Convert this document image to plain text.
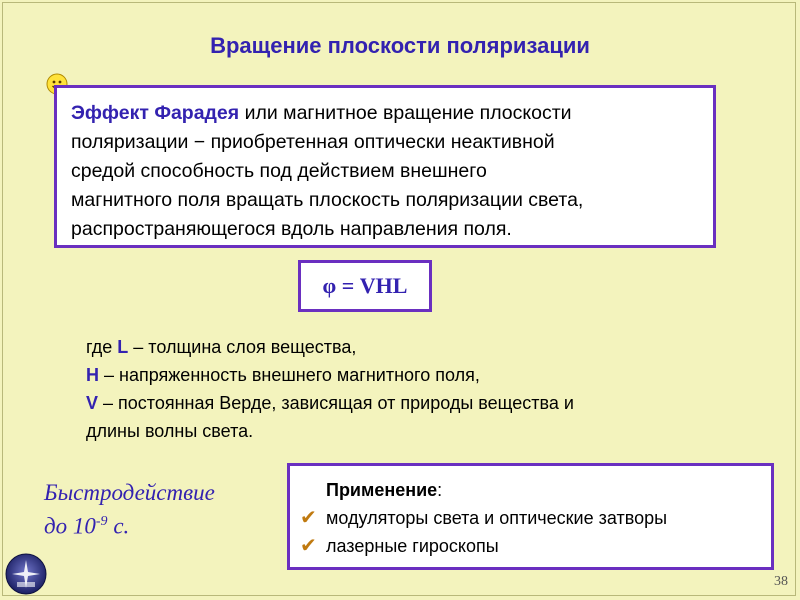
Вращение плоскости поляризации
Эффект Фарадея или магнитное вращение плоскости
поляризации − приобретенная оптически неактивной
средой способность под действием внешнего
магнитного поля вращать плоскость поляризации света,
распространяющегося вдоль направления поля.
φ = VHL
где L – толщина слоя вещества,
H – напряженность внешнего магнитного поля,
V – постоянная Верде, зависящая от природы вещества и
длины волны света.
Быстродействие
до $10^{-9}$ с.
Применение:
✔ модуляторы света и оптические затворы
✔ лазерные гироскопы
38
